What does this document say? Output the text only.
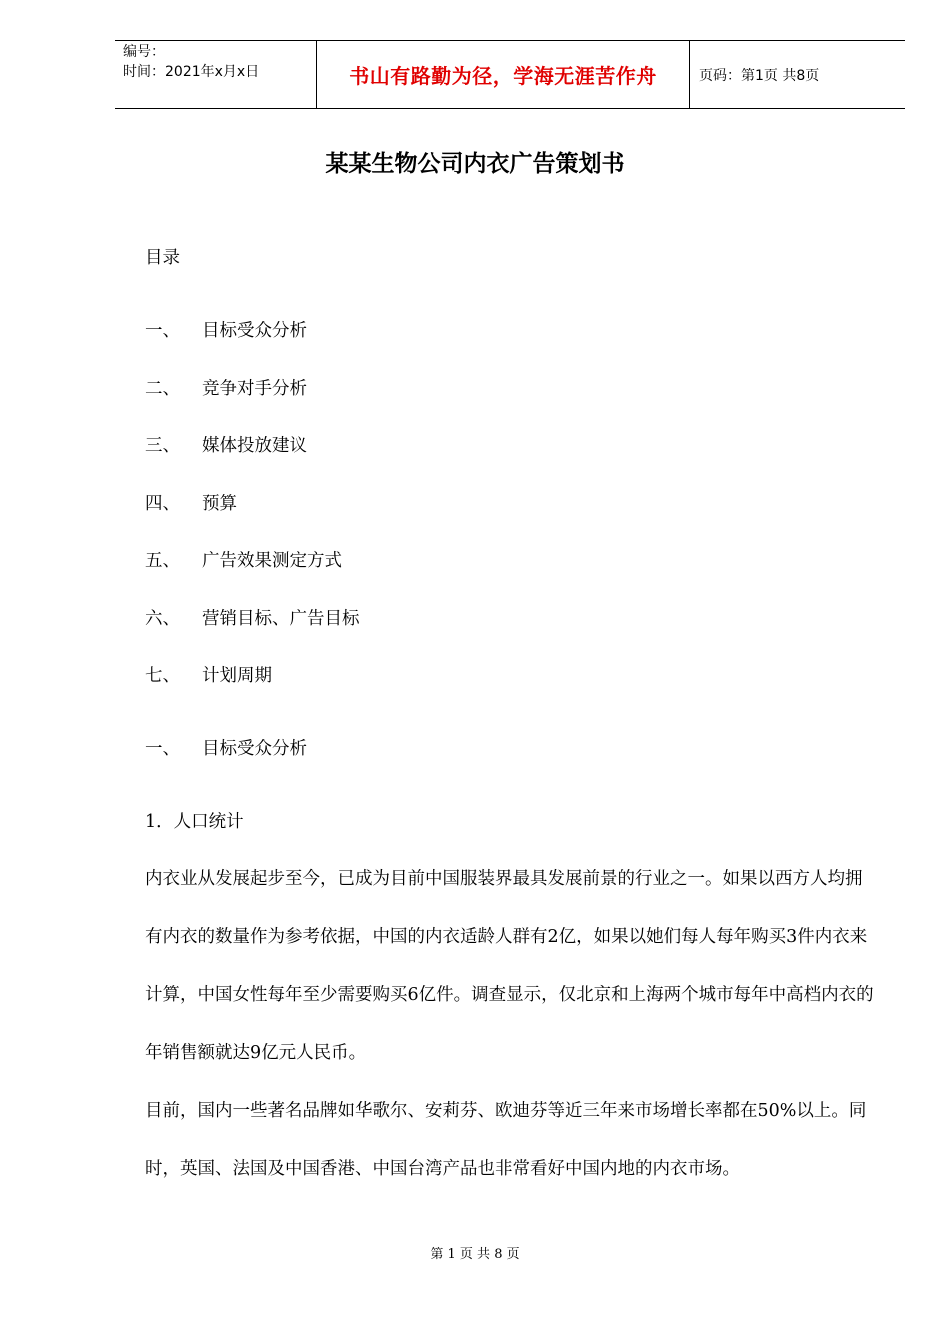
编号：
时间：2021年x月x日	书山有路勤为径，学海无涯苦作舟	页码：第1页 共8页
某某生物公司内衣广告策划书
目录
一、 目标受众分析
二、 竞争对手分析
三、 媒体投放建议
四、 预算
五、 广告效果测定方式
六、 营销目标、广告目标
七、 计划周期
一、 目标受众分析
1．人口统计
内衣业从发展起步至今，已成为目前中国服装界最具发展前景的行业之一。如果以西方人均拥有内衣的数量作为参考依据，中国的内衣适龄人群有2亿，如果以她们每人每年购买3件内衣来计算，中国女性每年至少需要购买6亿件。调查显示，仅北京和上海两个城市每年中高档内衣的年销售额就达9亿元人民币。
目前，国内一些著名品牌如华歌尔、安莉芬、欧迪芬等近三年来市场增长率都在50%以上。同时，英国、法国及中国香港、中国台湾产品也非常看好中国内地的内衣市场。
第 1 页 共 8 页
